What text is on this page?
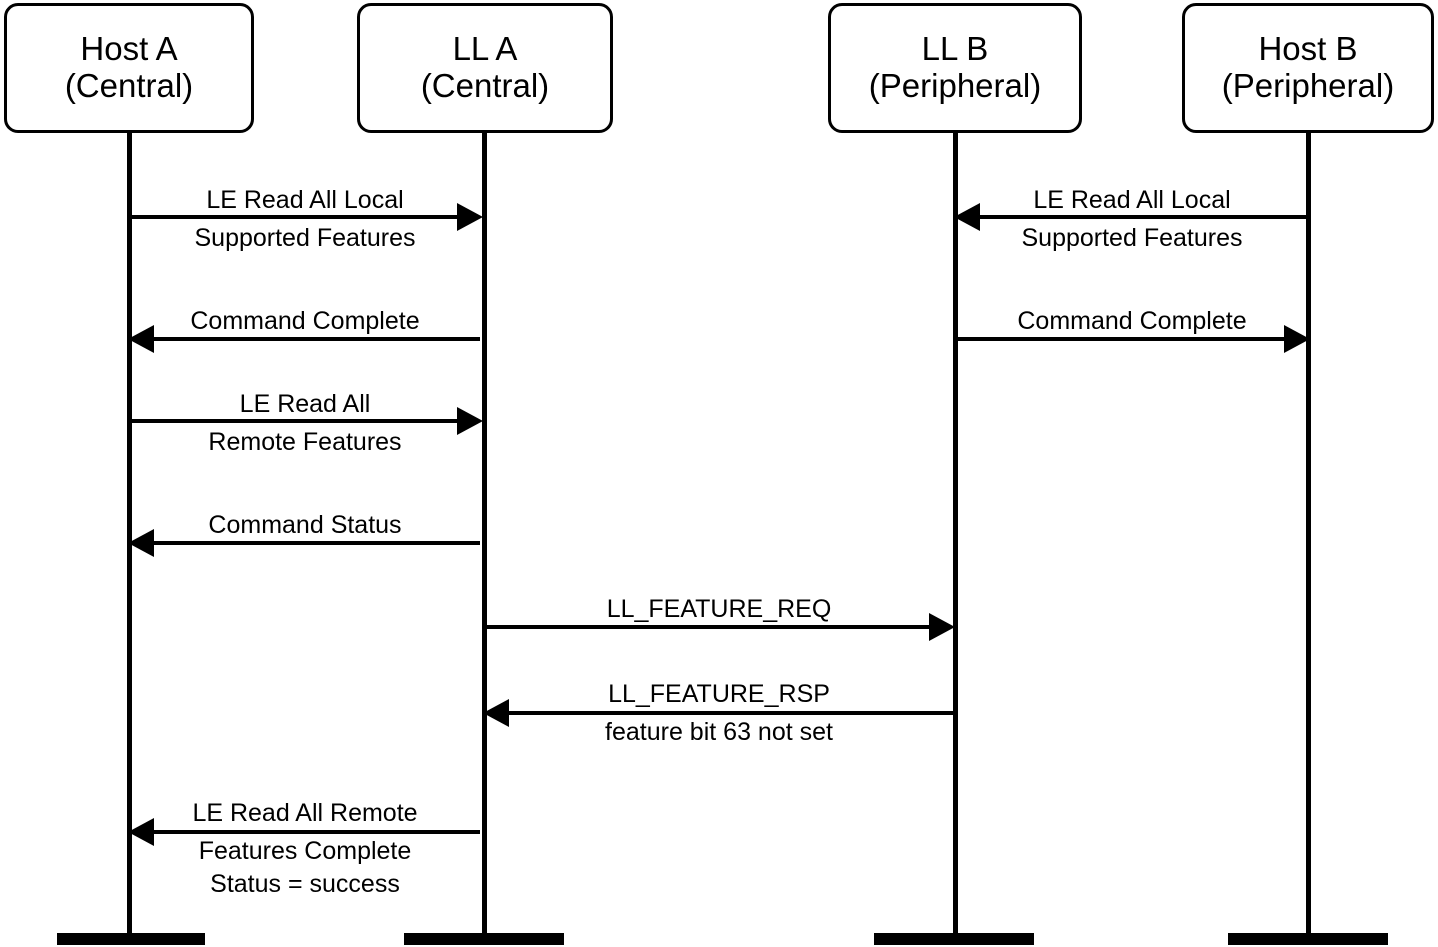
Host A
(Central)
LL A
(Central)
LL B
(Peripheral)
Host B
(Peripheral)
LE Read All Local
Supported Features
LE Read All Local
Supported Features
Command Complete	Command Complete
LE Read All
Remote Features
Command Status
LL_FEATURE_REQ
LL_FEATURE_RSP
feature bit 63 not set
LE Read All Remote
Features Complete
Status = success
